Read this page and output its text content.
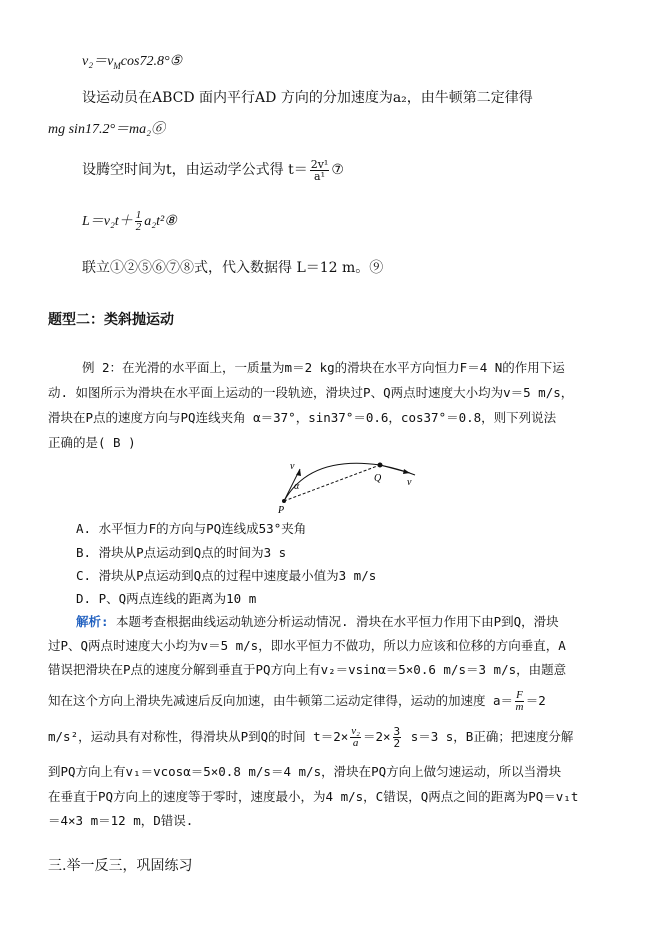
$v_2=v_M\cos 72.8^\circ ⑤$
设运动员在ABCD 面内平行AD 方向的分加速度为a₂，由牛顿第二定律得
mg sin17.2°＝ma₂⑥
设腾空时间为t，由运动学公式得 $t= \frac{\text{2v¹}}{\text{a¹}}$ ⑦
$L=v_2t+ \frac{1}{2}$ a₂t²⑧
联立①②⑤⑥⑦⑧式，代入数据得 L＝12 m。⑨
题型二：类斜抛运动
例 2：在光滑的水平面上，一质量为m＝2 kg的滑块在水平方向恒力F＝4 N的作用下运
动. 如图所示为滑块在水平面上运动的一段轨迹，滑块过P、Q两点时速度大小均为v＝5 m/s，
滑块在P点的速度方向与PQ连线夹角 α＝37°，sin37°＝0.6，cos37°＝0.8，则下列说法
正确的是( B )
v
α
Q	v
P
A. 水平恒力F的方向与PQ连线成53°夹角
B. 滑块从P点运动到Q点的时间为3 s
C. 滑块从P点运动到Q点的过程中速度最小值为3 m/s
D. P、Q两点连线的距离为10 m
解析: 本题考查根据曲线运动轨迹分析运动情况. 滑块在水平恒力作用下由P到Q，滑块
过P、Q两点时速度大小均为v＝5 m/s，即水平恒力不做功，所以力应该和位移的方向垂直，A
错误把滑块在P点的速度分解到垂直于PQ方向上有v₂＝vsinα＝5×0.6 m/s＝3 m/s，由题意
知在这个方向上滑块先减速后反向加速，由牛顿第二运动定律得，运动的加速度 $a= \frac{F}{m} =2$
m/s²，运动具有对称性，得滑块从P到Q的时间 $t=2\times \frac{\text{v₂}}{a} =2\times \frac{3}{2} s=3$ s，B正确；把速度分解
到PQ方向上有v₁＝vcosα＝5×0.8 m/s＝4 m/s，滑块在PQ方向上做匀速运动，所以当滑块
在垂直于PQ方向上的速度等于零时，速度最小，为4 m/s，C错误，Q两点之间的距离为PQ＝v₁t
＝4×3 m＝12 m，D错误.
三.举一反三，巩固练习
